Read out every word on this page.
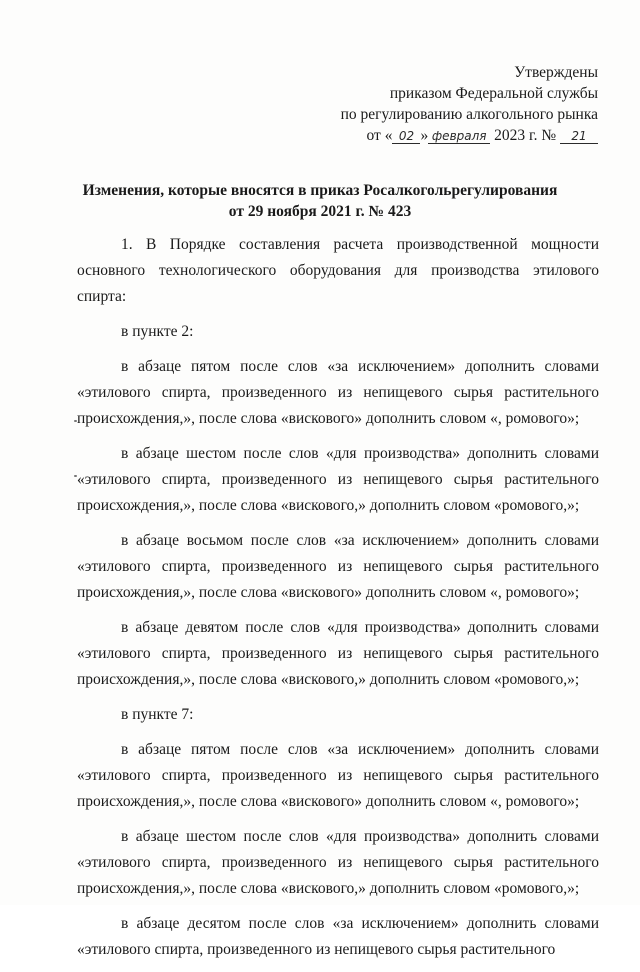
Утверждены
приказом Федеральной службы
по регулированию алкогольного рынка
от « 02 » февраля 2023 г. № 21
Изменения, которые вносятся в приказ Росалкогольрегулирования
от 29 ноября 2021 г. № 423

1. В Порядке составления расчета производственной мощности основного технологического оборудования для производства этилового спирта:

в пункте 2:

в абзаце пятом после слов «за исключением» дополнить словами «этилового спирта, произведенного из непищевого сырья растительного происхождения,», после слова «вискового» дополнить словом «, ромового»;

в абзаце шестом после слов «для производства» дополнить словами «этилового спирта, произведенного из непищевого сырья растительного происхождения,», после слова «вискового,» дополнить словом «ромового,»;

в абзаце восьмом после слов «за исключением» дополнить словами «этилового спирта, произведенного из непищевого сырья растительного происхождения,», после слова «вискового» дополнить словом «, ромового»;

в абзаце девятом после слов «для производства» дополнить словами «этилового спирта, произведенного из непищевого сырья растительного происхождения,», после слова «вискового,» дополнить словом «ромового,»;

в пункте 7:

в абзаце пятом после слов «за исключением» дополнить словами «этилового спирта, произведенного из непищевого сырья растительного происхождения,», после слова «вискового» дополнить словом «, ромового»;

в абзаце шестом после слов «для производства» дополнить словами «этилового спирта, произведенного из непищевого сырья растительного происхождения,», после слова «вискового,» дополнить словом «ромового,»;

в абзаце десятом после слов «за исключением» дополнить словами «этилового спирта, произведенного из непищевого сырья растительного
